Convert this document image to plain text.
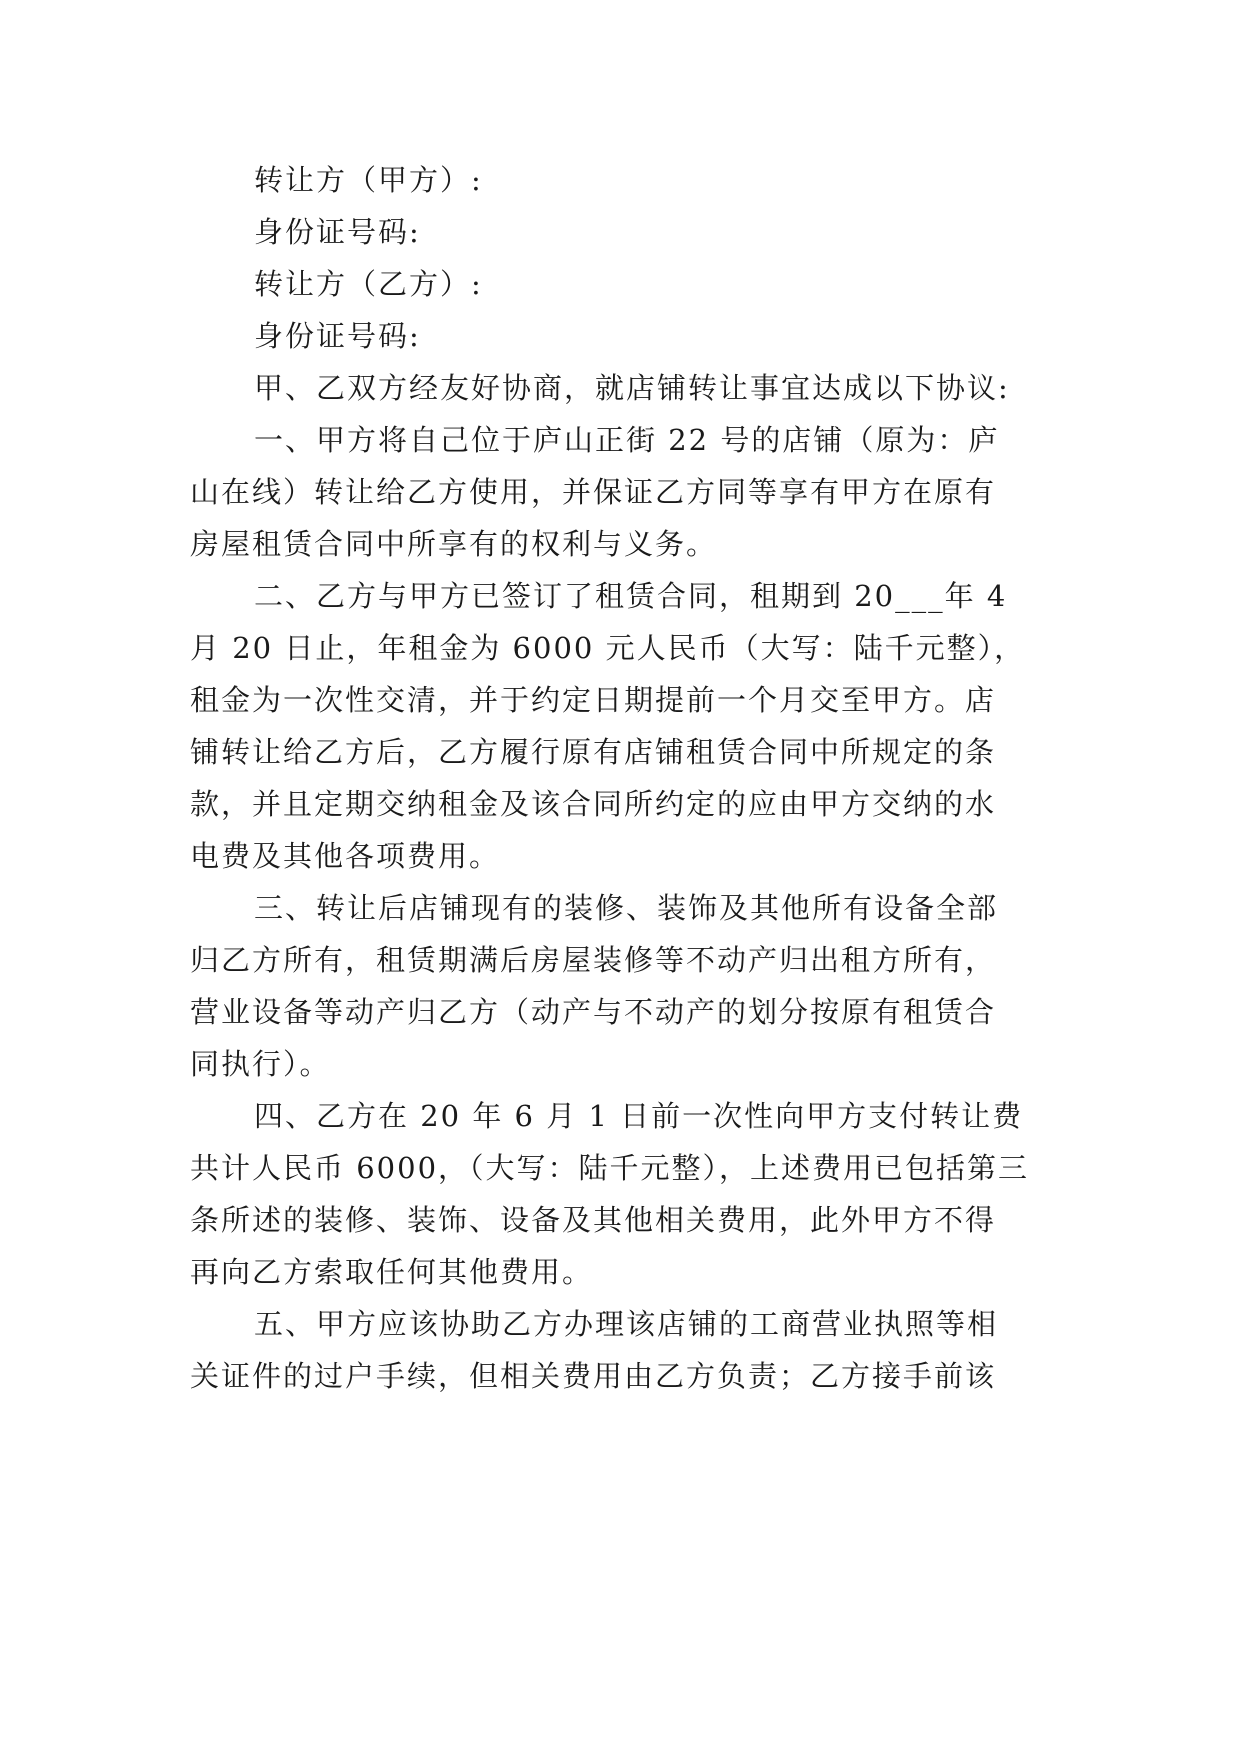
转让方（甲方）:
身份证号码:
转让方（乙方）:
身份证号码:
甲、乙双方经友好协商，就店铺转让事宜达成以下协议:
一、甲方将自己位于庐山正街 22 号的店铺（原为：庐
山在线）转让给乙方使用，并保证乙方同等享有甲方在原有
房屋租赁合同中所享有的权利与义务。
二、乙方与甲方已签订了租赁合同，租期到 20___年 4
月 20 日止，年租金为 6000 元人民币（大写：陆千元整），
租金为一次性交清，并于约定日期提前一个月交至甲方。店
铺转让给乙方后，乙方履行原有店铺租赁合同中所规定的条
款，并且定期交纳租金及该合同所约定的应由甲方交纳的水
电费及其他各项费用。
三、转让后店铺现有的装修、装饰及其他所有设备全部
归乙方所有，租赁期满后房屋装修等不动产归出租方所有，
营业设备等动产归乙方（动产与不动产的划分按原有租赁合
同执行）。
四、乙方在 20 年 6 月 1 日前一次性向甲方支付转让费
共计人民币 6000，（大写：陆千元整），上述费用已包括第三
条所述的装修、装饰、设备及其他相关费用，此外甲方不得
再向乙方索取任何其他费用。
五、甲方应该协助乙方办理该店铺的工商营业执照等相
关证件的过户手续，但相关费用由乙方负责；乙方接手前该
